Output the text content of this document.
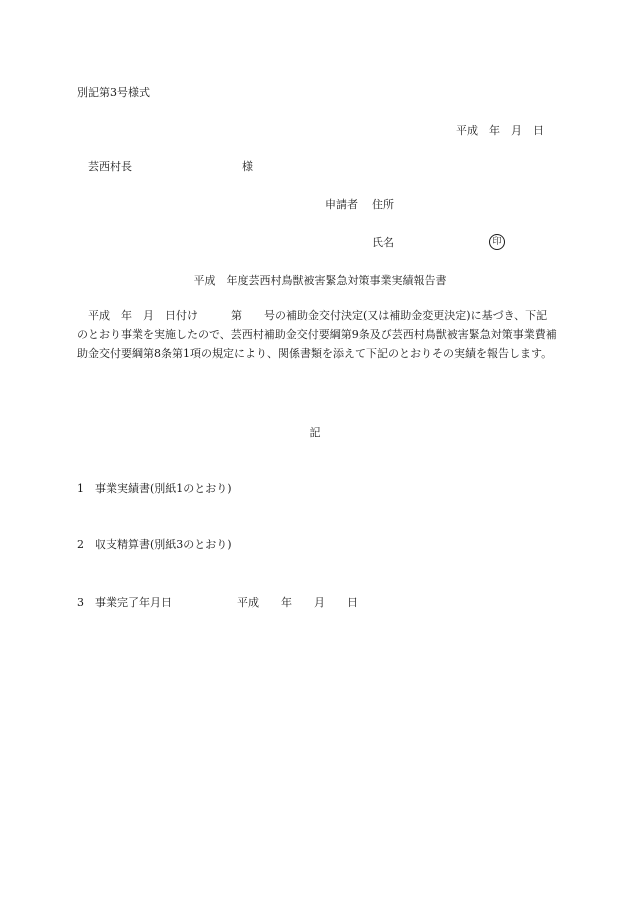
別記第3号様式
平成　年　月　日
芸西村長	様
申請者 住所
氏名	印
平成　年度芸西村鳥獣被害緊急対策事業実績報告書
平成　年　月　日付け　　　第　　号の補助金交付決定(又は補助金変更決定)に基づき、下記のとおり事業を実施したので、芸西村補助金交付要綱第9条及び芸西村鳥獣被害緊急対策事業費補助金交付要綱第8条第1項の規定により、関係書類を添えて下記のとおりその実績を報告します。
記
1　事業実績書(別紙1のとおり)
2　収支精算書(別紙3のとおり)
3　事業完了年月日	平成　　年　　月　　日
